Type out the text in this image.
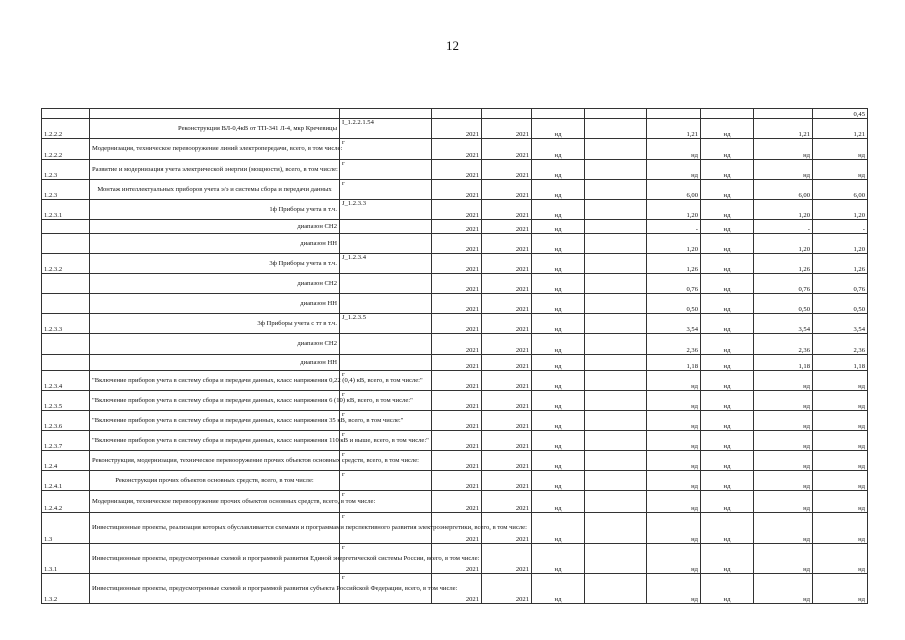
12
										0,45
1.2.2.2	Реконструкция ВЛ-0,4кВ от ТП-341 Л-4, мкр Кречевицы	I_1.2.2.1.54	2021	2021	нд		1,21	нд	1,21	1,21
1.2.2.2	Модернизация, техническое перевооружение линий электропередачи, всего, в том числе:	г	2021	2021	нд		нд	нд	нд	нд
1.2.3	Развитие и модернизация учета электрической энергии (мощности), всего, в том числе:	г	2021	2021	нд		нд	нд	нд	нд
1.2.3	Монтаж интеллектуальных приборов учета э/э и системы сбора и передачи данных	г	2021	2021	нд		6,00	нд	6,00	6,00
1.2.3.1	1ф Приборы учета в т.ч.	J_1.2.3.3	2021	2021	нд		1,20	нд	1,20	1,20
	диапазон СН2		2021	2021	нд		-	нд	-	-
	диапазон НН		2021	2021	нд		1,20	нд	1,20	1,20
1.2.3.2	3ф Приборы учета в т.ч.	J_1.2.3.4	2021	2021	нд		1,26	нд	1,26	1,26
	диапазон СН2		2021	2021	нд		0,76	нд	0,76	0,76
	диапазон НН		2021	2021	нд		0,50	нд	0,50	0,50
1.2.3.3	3ф Приборы учета с тт в т.ч.	J_1.2.3.5	2021	2021	нд		3,54	нд	3,54	3,54
	диапазон СН2		2021	2021	нд		2,36	нд	2,36	2,36
	диапазон НН		2021	2021	нд		1,18	нд	1,18	1,18
1.2.3.4	"Включение приборов учета в систему сбора и передачи данных, класс напряжения 0,22 (0,4) кВ, всего, в том числе:"	г	2021	2021	нд		нд	нд	нд	нд
1.2.3.5	"Включение приборов учета в систему сбора и передачи данных, класс напряжения 6 (10) кВ, всего, в том числе:"	г	2021	2021	нд		нд	нд	нд	нд
1.2.3.6	"Включение приборов учета в систему сбора и передачи данных, класс напряжения 35 кВ, всего, в том числе:"	г	2021	2021	нд		нд	нд	нд	нд
1.2.3.7	"Включение приборов учета в систему сбора и передачи данных, класс напряжения 110 кВ и выше, всего, в том числе:"	г	2021	2021	нд		нд	нд	нд	нд
1.2.4	Реконструкция, модернизация, техническое перевооружение прочих объектов основных средств, всего, в том числе:	г	2021	2021	нд		нд	нд	нд	нд
1.2.4.1	Реконструкция прочих объектов основных средств, всего, в том числе:	г	2021	2021	нд		нд	нд	нд	нд
1.2.4.2	Модернизация, техническое перевооружение прочих объектов основных средств, всего, в том числе:	г	2021	2021	нд		нд	нд	нд	нд
1.3	Инвестиционные проекты, реализация которых обуславливается схемами и программами перспективного развития электроэнергетики, всего, в том числе:	г	2021	2021	нд		нд	нд	нд	нд
1.3.1	Инвестиционные проекты, предусмотренные схемой и программой развития Единой энергетической системы России, всего, в том числе:	г	2021	2021	нд		нд	нд	нд	нд
1.3.2	Инвестиционные проекты, предусмотренные схемой и программой развития субъекта Российской Федерации, всего, в том числе:	г	2021	2021	нд		нд	нд	нд	нд
